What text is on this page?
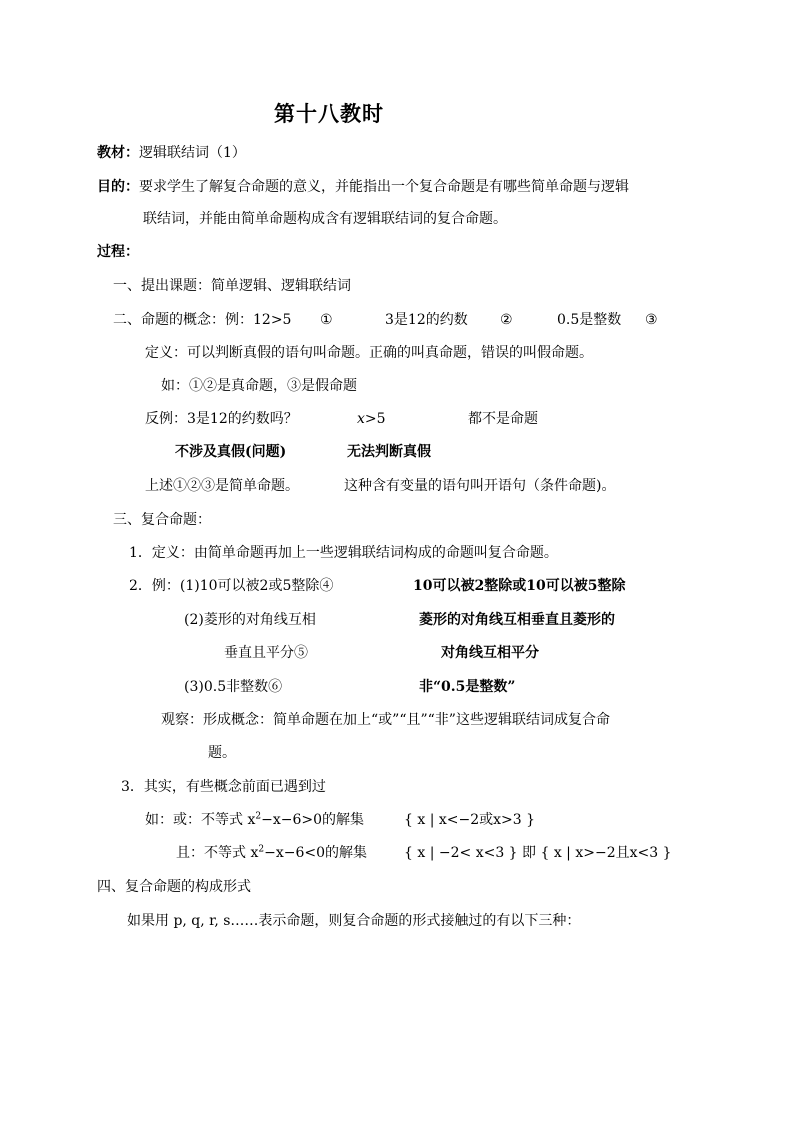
第十八教时
教材：逻辑联结词（1）
目的：要求学生了解复合命题的意义，并能指出一个复合命题是有哪些简单命题与逻辑
联结词，并能由简单命题构成含有逻辑联结词的复合命题。
过程：
一、提出课题：简单逻辑、逻辑联结词
二、命题的概念：例：12>5 ①	3是12的约数 ②	0.5是整数 ③
定义：可以判断真假的语句叫命题。正确的叫真命题，错误的叫假命题。
如：①②是真命题，③是假命题
反例：3是12的约数吗？	x>5	都不是命题
不涉及真假(问题)	无法判断真假
上述①②③是简单命题。	这种含有变量的语句叫开语句（条件命题)。
三、复合命题：
1．定义：由简单命题再加上一些逻辑联结词构成的命题叫复合命题。
2．例：(1)10可以被2或5整除④	10可以被2整除或10可以被5整除
(2)菱形的对角线互相	菱形的对角线互相垂直且菱形的
垂直且平分⑤	对角线互相平分
(3)0.5非整数⑥	非“0.5是整数”
观察：形成概念：简单命题在加上“或”“且”“非”这些逻辑联结词成复合命
题。
3．其实，有些概念前面已遇到过
如：或：不等式 $x^2-x-6>0$的解集	{ x | x<−2或x>3 }
且：不等式 $x^2-x-6<0$的解集	{ x | −2< x<3 } 即 { x | x>−2且x<3 }
四、复合命题的构成形式
如果用 p, q, r, s……表示命题，则复合命题的形式接触过的有以下三种：
